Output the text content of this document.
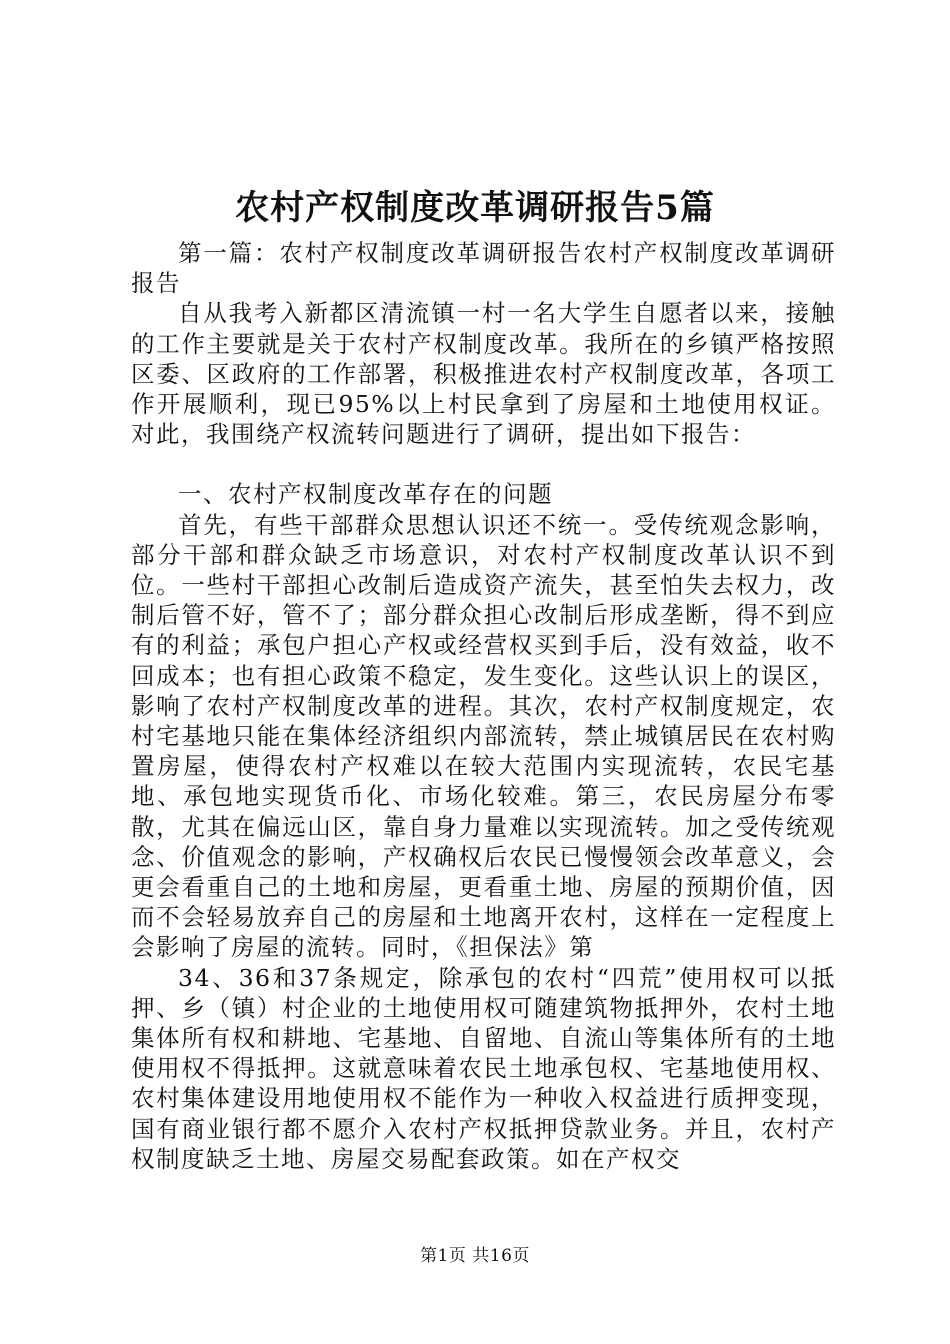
农村产权制度改革调研报告5篇

第一篇：农村产权制度改革调研报告农村产权制度改革调研报告

自从我考入新都区清流镇一村一名大学生自愿者以来，接触的工作主要就是关于农村产权制度改革。我所在的乡镇严格按照区委、区政府的工作部署，积极推进农村产权制度改革，各项工作开展顺利，现已95%以上村民拿到了房屋和土地使用权证。对此，我围绕产权流转问题进行了调研，提出如下报告：

一、农村产权制度改革存在的问题

首先，有些干部群众思想认识还不统一。受传统观念影响，部分干部和群众缺乏市场意识，对农村产权制度改革认识不到位。一些村干部担心改制后造成资产流失，甚至怕失去权力，改制后管不好，管不了；部分群众担心改制后形成垄断，得不到应有的利益；承包户担心产权或经营权买到手后，没有效益，收不回成本；也有担心政策不稳定，发生变化。这些认识上的误区，影响了农村产权制度改革的进程。其次，农村产权制度规定，农村宅基地只能在集体经济组织内部流转，禁止城镇居民在农村购置房屋，使得农村产权难以在较大范围内实现流转，农民宅基地、承包地实现货币化、市场化较难。第三，农民房屋分布零散，尤其在偏远山区，靠自身力量难以实现流转。加之受传统观念、价值观念的影响，产权确权后农民已慢慢领会改革意义，会更会看重自己的土地和房屋，更看重土地、房屋的预期价值，因而不会轻易放弃自己的房屋和土地离开农村，这样在一定程度上会影响了房屋的流转。同时，《担保法》第

34、36和37条规定，除承包的农村“四荒”使用权可以抵押、乡（镇）村企业的土地使用权可随建筑物抵押外，农村土地集体所有权和耕地、宅基地、自留地、自流山等集体所有的土地使用权不得抵押。这就意味着农民土地承包权、宅基地使用权、农村集体建设用地使用权不能作为一种收入权益进行质押变现，国有商业银行都不愿介入农村产权抵押贷款业务。并且，农村产权制度缺乏土地、房屋交易配套政策。如在产权交

第1页 共16页
